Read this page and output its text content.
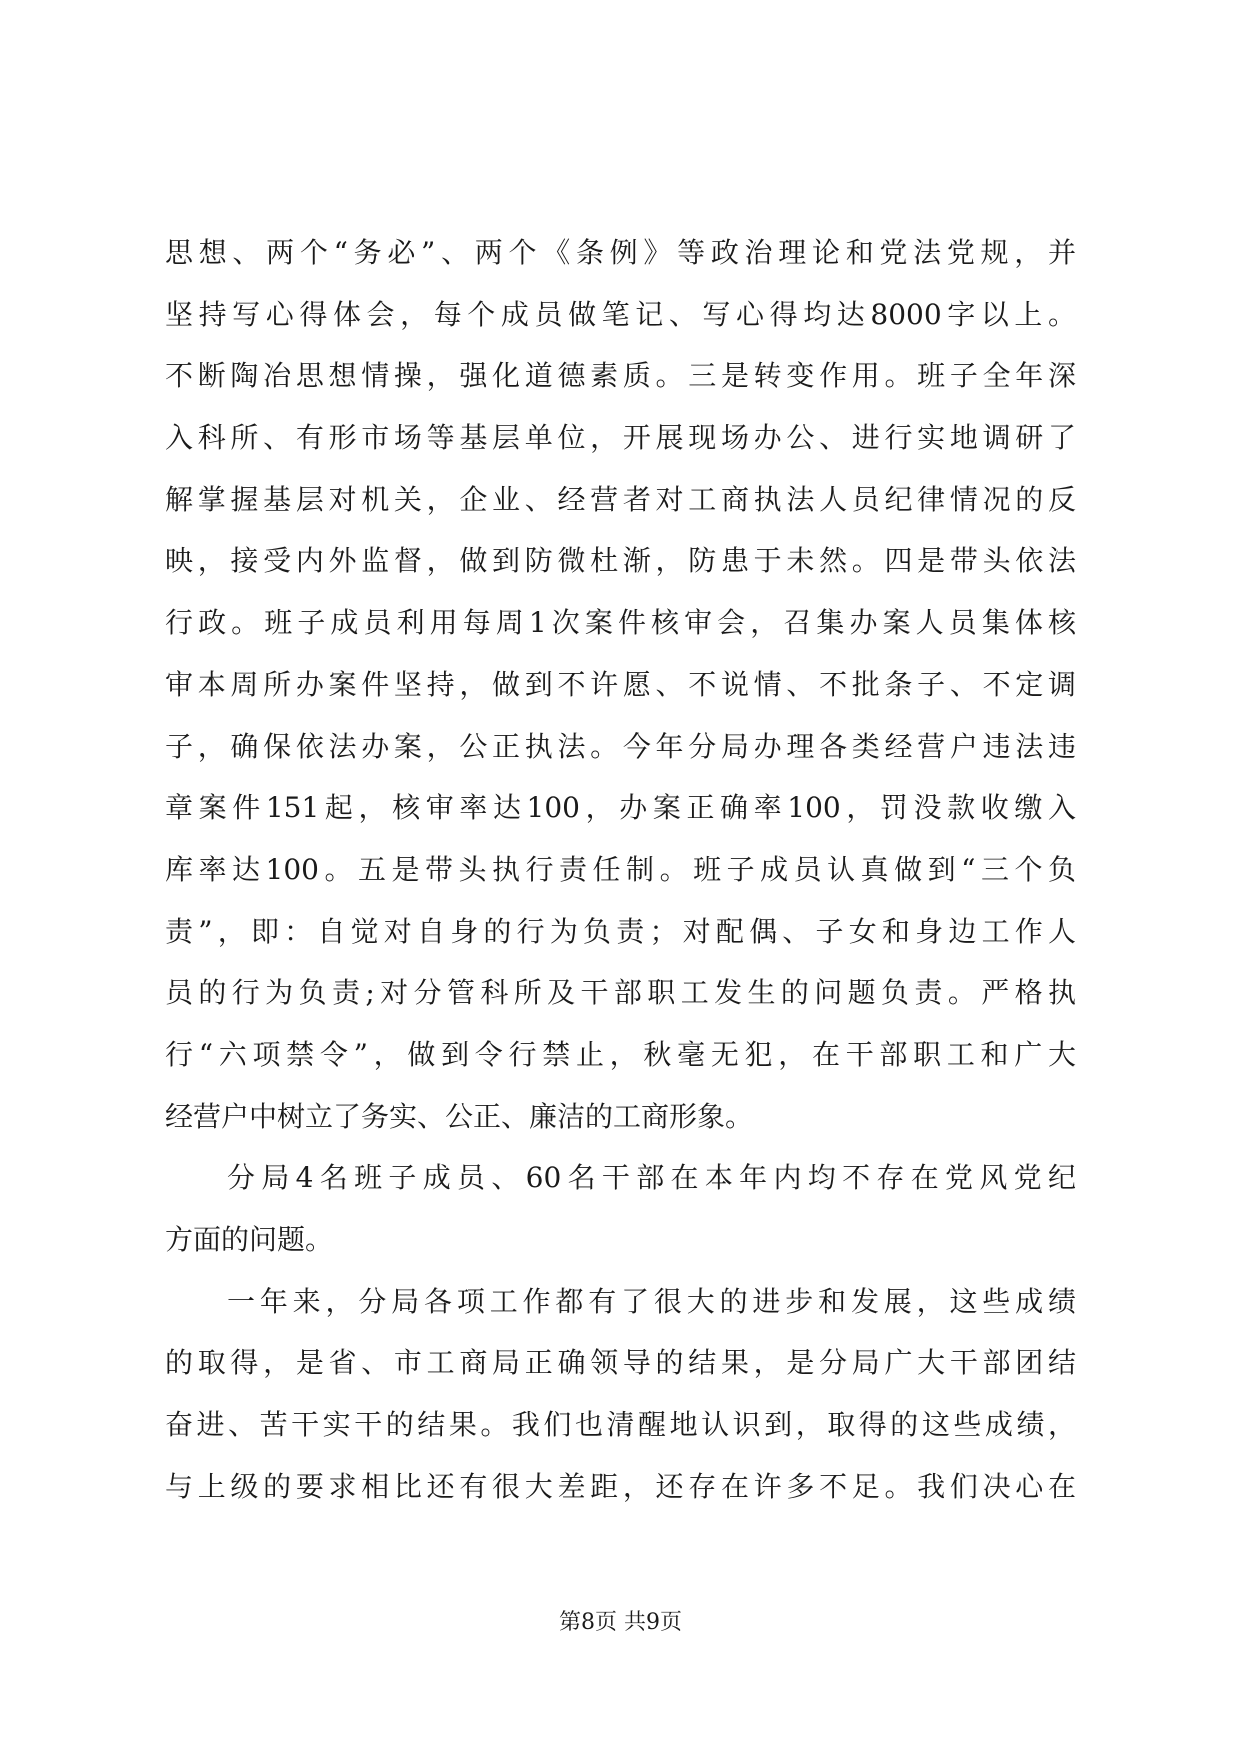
思想、两个“务必”、两个《条例》等政治理论和党法党规，并
坚持写心得体会，每个成员做笔记、写心得均达8000字以上。
不断陶冶思想情操，强化道德素质。三是转变作用。班子全年深
入科所、有形市场等基层单位，开展现场办公、进行实地调研了
解掌握基层对机关，企业、经营者对工商执法人员纪律情况的反
映，接受内外监督，做到防微杜渐，防患于未然。四是带头依法
行政。班子成员利用每周1次案件核审会，召集办案人员集体核
审本周所办案件坚持，做到不许愿、不说情、不批条子、不定调
子，确保依法办案，公正执法。今年分局办理各类经营户违法违
章案件151起，核审率达100，办案正确率100，罚没款收缴入
库率达100。五是带头执行责任制。班子成员认真做到“三个负
责”，即：自觉对自身的行为负责；对配偶、子女和身边工作人
员的行为负责;对分管科所及干部职工发生的问题负责。严格执
行“六项禁令”，做到令行禁止，秋毫无犯，在干部职工和广大
经营户中树立了务实、公正、廉洁的工商形象。
分局4名班子成员、60名干部在本年内均不存在党风党纪
方面的问题。
一年来，分局各项工作都有了很大的进步和发展，这些成绩
的取得，是省、市工商局正确领导的结果，是分局广大干部团结
奋进、苦干实干的结果。我们也清醒地认识到，取得的这些成绩，
与上级的要求相比还有很大差距，还存在许多不足。我们决心在
第8页 共9页
